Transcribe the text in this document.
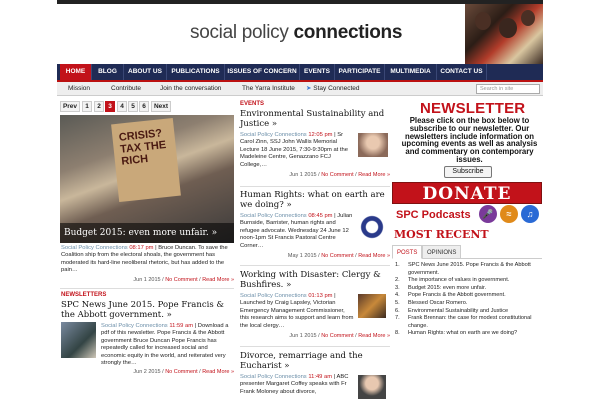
social policy connections
HOME	BLOG	ABOUT US	PUBLICATIONS	ISSUES OF CONCERN	EVENTS	PARTICIPATE	MULTIMEDIA	CONTACT US
Mission	Contribute	Join the conversation	The Yarra Institute ➤ Stay Connected	Search in site
Prev	1	2	3	4	5	6	Next
CRISIS? TAX THE RICH
Budget 2015: even more unfair. »
Social Policy Connections 08:17 pm | Bruce Duncan. To save the Coalition ship from the electoral shoals, the government has moderated its hard-line neoliberal rhetoric, but has added to the pain…
Jun 1 2015 / No Comment / Read More »
NEWSLETTERS
SPC News June 2015. Pope Francis & the Abbott government. »
Social Policy Connections 11:59 am | Download a pdf of this newsletter. Pope Francis & the Abbott government Bruce Duncan Pope Francis has repeatedly called for increased social and economic equity in the world, and reiterated very strongly the…
Jun 2 2015 / No Comment / Read More »
EVENTS
Environmental Sustainability and Justice »
Social Policy Connections 12:05 pm | Sr Carol Zinn, SSJ John Wallis Memorial Lecture 18 June 2015, 7:30-9:30pm at the Madeleine Centre, Genazzano FCJ College,…
Jun 1 2015 / No Comment / Read More »
Human Rights: what on earth are we doing? »
Social Policy Connections 08:45 pm | Julian Burnside, Barrister, human rights and refugee advocate. Wednesday 24 June 12 noon-1pm St Francis Pastoral Centre Corner…
May 1 2015 / No Comment / Read More »
Working with Disaster: Clergy & Bushfires. »
Social Policy Connections 01:13 pm | Launched by Craig Lapsley, Victorian Emergency Management Commissioner, this research aims to support and learn from the local clergy…
Jun 1 2015 / No Comment / Read More »
Divorce, remarriage and the Eucharist »
Social Policy Connections 11:49 am | ABC presenter Margaret Coffey speaks with Fr Frank Moloney about divorce,
NEWSLETTER
Please click on the box below to subscribe to our newsletter. Our newsletters include information on upcoming events as well as analysis and commentary on contemporary issues.
Subscribe
DONATE
SPC Podcasts	🎤	≈	♫
MOST RECENT
POSTS	OPINIONS
1. SPC News June 2015. Pope Francis & the Abbott government.
2. The importance of values in government.
3. Budget 2015: even more unfair.
4. Pope Francis & the Abbott government.
5. Blessed Oscar Romero.
6. Environmental Sustainability and Justice
7. Frank Brennan: the case for modest constitutional change.
8. Human Rights: what on earth are we doing?
